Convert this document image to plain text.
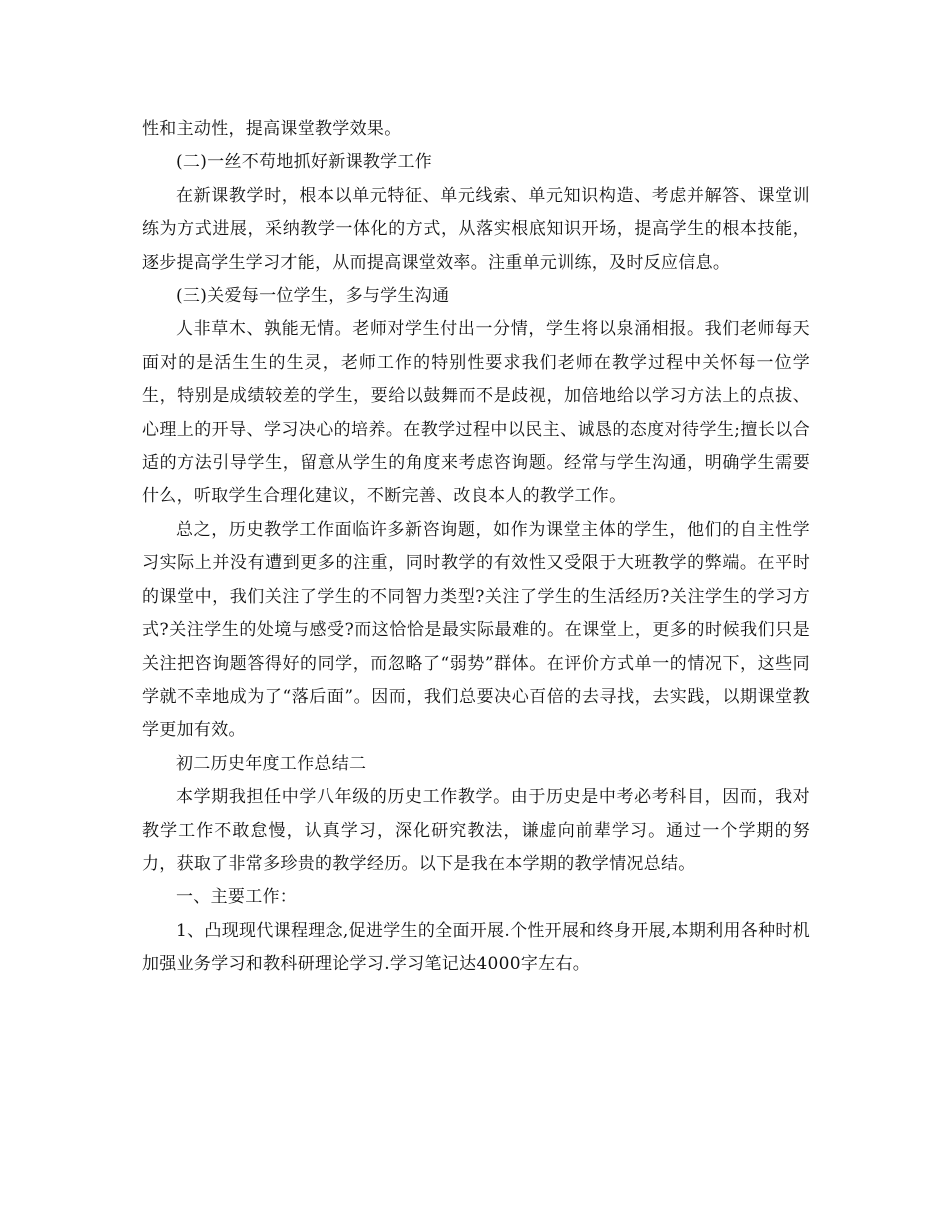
性和主动性，提高课堂教学效果。

(二)一丝不苟地抓好新课教学工作

在新课教学时，根本以单元特征、单元线索、单元知识构造、考虑并解答、课堂训练为方式进展，采纳教学一体化的方式，从落实根底知识开场，提高学生的根本技能，逐步提高学生学习才能，从而提高课堂效率。注重单元训练，及时反应信息。

(三)关爱每一位学生，多与学生沟通

人非草木、孰能无情。老师对学生付出一分情，学生将以泉涌相报。我们老师每天面对的是活生生的生灵，老师工作的特别性要求我们老师在教学过程中关怀每一位学生，特别是成绩较差的学生，要给以鼓舞而不是歧视，加倍地给以学习方法上的点拔、心理上的开导、学习决心的培养。在教学过程中以民主、诚恳的态度对待学生;擅长以合适的方法引导学生，留意从学生的角度来考虑咨询题。经常与学生沟通，明确学生需要什么，听取学生合理化建议，不断完善、改良本人的教学工作。

总之，历史教学工作面临许多新咨询题，如作为课堂主体的学生，他们的自主性学习实际上并没有遭到更多的注重，同时教学的有效性又受限于大班教学的弊端。在平时的课堂中，我们关注了学生的不同智力类型?关注了学生的生活经历?关注学生的学习方式?关注学生的处境与感受?而这恰恰是最实际最难的。在课堂上，更多的时候我们只是关注把咨询题答得好的同学，而忽略了“弱势”群体。在评价方式单一的情况下，这些同学就不幸地成为了“落后面”。因而，我们总要决心百倍的去寻找，去实践，以期课堂教学更加有效。

初二历史年度工作总结二

本学期我担任中学八年级的历史工作教学。由于历史是中考必考科目，因而，我对教学工作不敢怠慢，认真学习，深化研究教法，谦虚向前辈学习。通过一个学期的努力，获取了非常多珍贵的教学经历。以下是我在本学期的教学情况总结。

一、主要工作：

1、凸现现代课程理念,促进学生的全面开展.个性开展和终身开展,本期利用各种时机加强业务学习和教科研理论学习.学习笔记达4000字左右。
